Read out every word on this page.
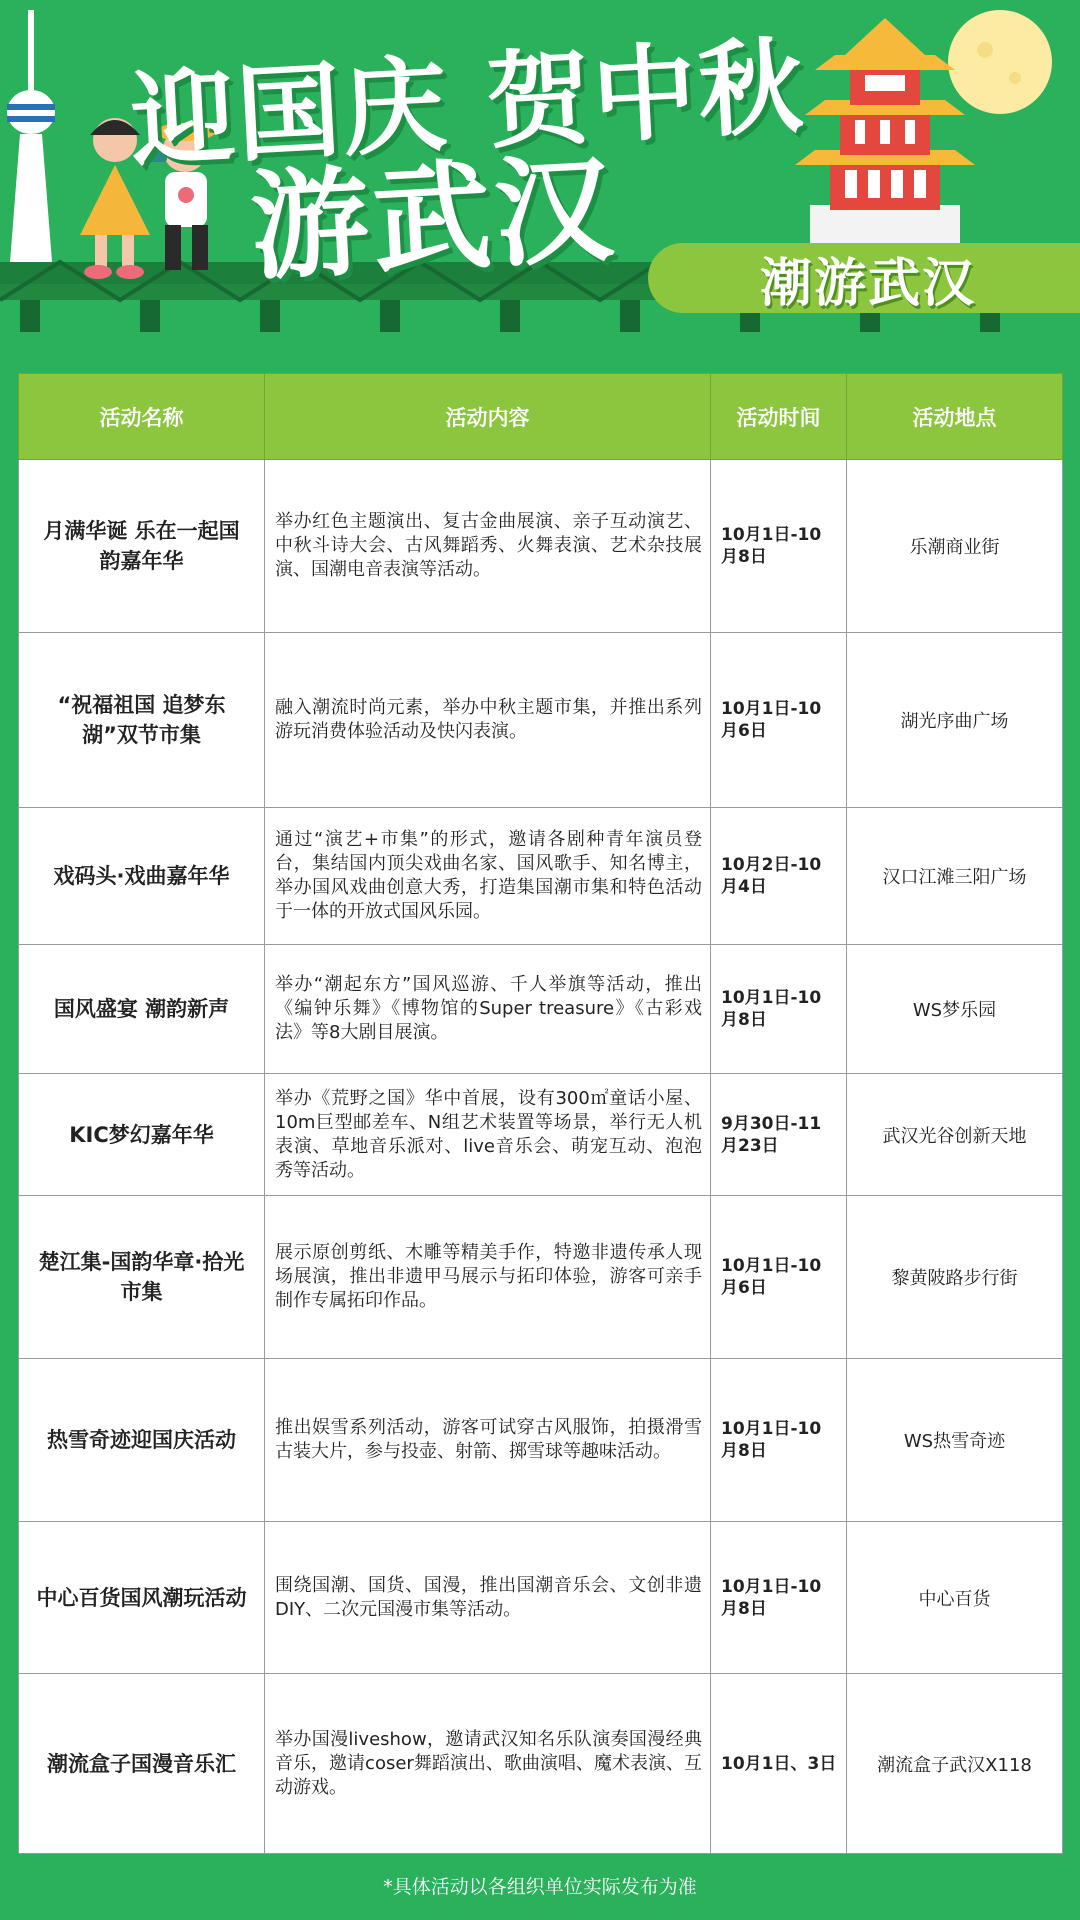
迎国庆 贺中秋
游武汉	潮游武汉
活动名称	活动内容	活动时间	活动地点
月满华诞 乐在一起国韵嘉年华	举办红色主题演出、复古金曲展演、亲子互动演艺、中秋斗诗大会、古风舞蹈秀、火舞表演、艺术杂技展演、国潮电音表演等活动。	10月1日-10月8日	乐潮商业街
“祝福祖国 追梦东湖”双节市集	融入潮流时尚元素，举办中秋主题市集，并推出系列游玩消费体验活动及快闪表演。	10月1日-10月6日	湖光序曲广场
戏码头·戏曲嘉年华	通过“演艺+市集”的形式，邀请各剧种青年演员登台，集结国内顶尖戏曲名家、国风歌手、知名博主，举办国风戏曲创意大秀，打造集国潮市集和特色活动于一体的开放式国风乐园。	10月2日-10月4日	汉口江滩三阳广场
国风盛宴 潮韵新声	举办“潮起东方”国风巡游、千人举旗等活动，推出《编钟乐舞》《博物馆的Super treasure》《古彩戏法》等8大剧目展演。	10月1日-10月8日	WS梦乐园
KIC梦幻嘉年华	举办《荒野之国》华中首展，设有300㎡童话小屋、10m巨型邮差车、N组艺术装置等场景，举行无人机表演、草地音乐派对、live音乐会、萌宠互动、泡泡秀等活动。	9月30日-11月23日	武汉光谷创新天地
楚江集-国韵华章·拾光市集	展示原创剪纸、木雕等精美手作，特邀非遗传承人现场展演，推出非遗甲马展示与拓印体验，游客可亲手制作专属拓印作品。	10月1日-10月6日	黎黄陂路步行街
热雪奇迹迎国庆活动	推出娱雪系列活动，游客可试穿古风服饰，拍摄滑雪古装大片，参与投壶、射箭、掷雪球等趣味活动。	10月1日-10月8日	WS热雪奇迹
中心百货国风潮玩活动	围绕国潮、国货、国漫，推出国潮音乐会、文创非遗DIY、二次元国漫市集等活动。	10月1日-10月8日	中心百货
潮流盒子国漫音乐汇	举办国漫liveshow，邀请武汉知名乐队演奏国漫经典音乐，邀请coser舞蹈演出、歌曲演唱、魔术表演、互动游戏。	10月1日、3日	潮流盒子武汉X118
*具体活动以各组织单位实际发布为准
